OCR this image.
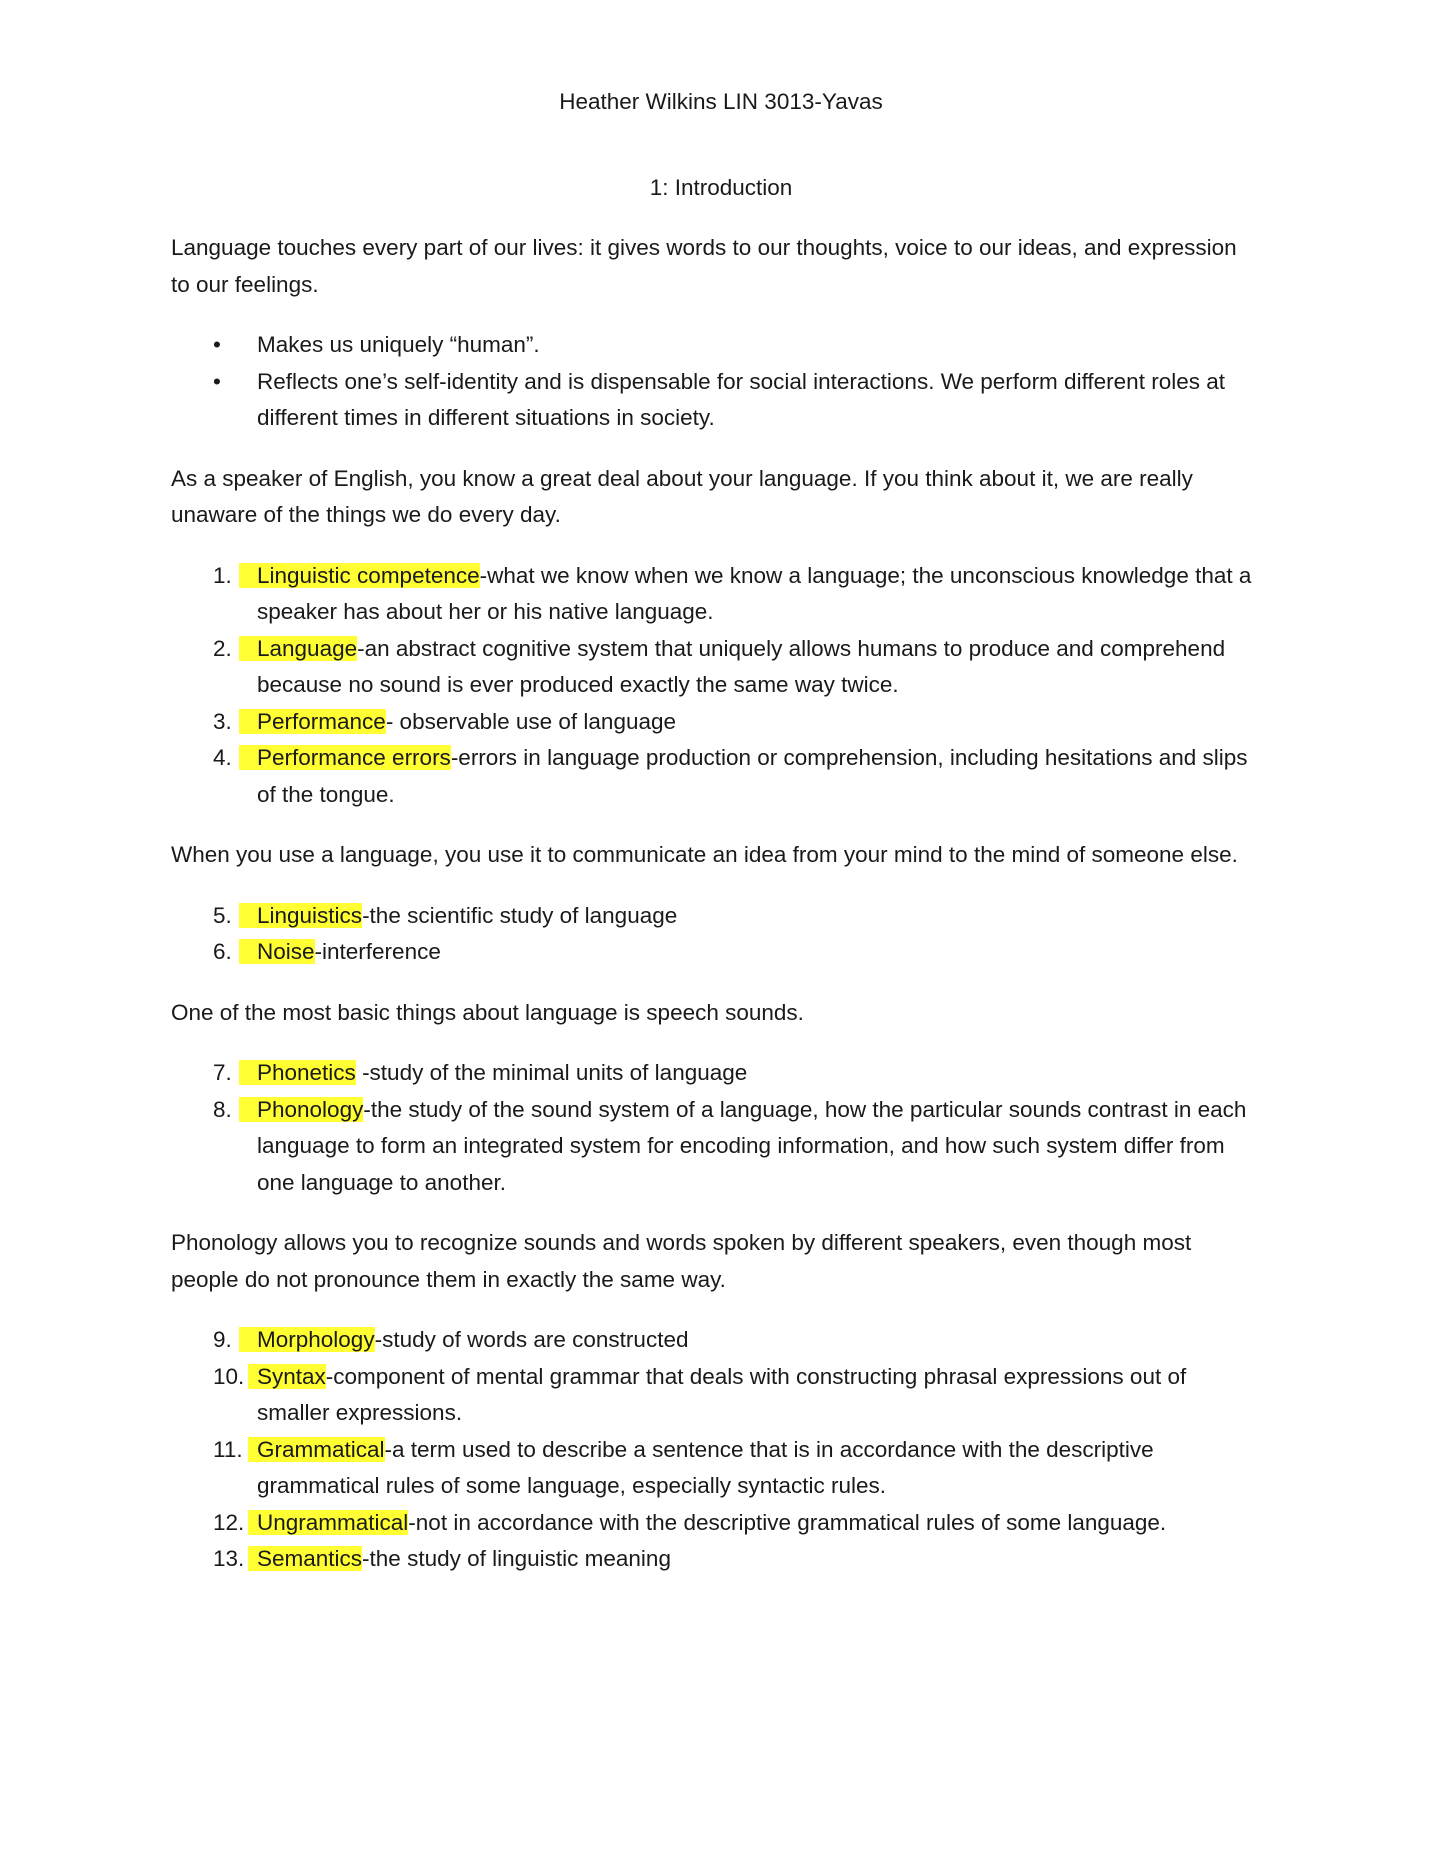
Heather Wilkins LIN 3013-Yavas

1: Introduction

Language touches every part of our lives: it gives words to our thoughts, voice to our ideas, and expression to our feelings.

• Makes us uniquely “human”.
• Reflects one’s self-identity and is dispensable for social interactions. We perform different roles at different times in different situations in society.

As a speaker of English, you know a great deal about your language. If you think about it, we are really unaware of the things we do every day.

1. Linguistic competence-what we know when we know a language; the unconscious knowledge that a speaker has about her or his native language.
2. Language-an abstract cognitive system that uniquely allows humans to produce and comprehend because no sound is ever produced exactly the same way twice.
3. Performance- observable use of language
4. Performance errors-errors in language production or comprehension, including hesitations and slips of the tongue.

When you use a language, you use it to communicate an idea from your mind to the mind of someone else.

5. Linguistics-the scientific study of language
6. Noise-interference

One of the most basic things about language is speech sounds.

7. Phonetics -study of the minimal units of language
8. Phonology-the study of the sound system of a language, how the particular sounds contrast in each language to form an integrated system for encoding information, and how such system differ from one language to another.

Phonology allows you to recognize sounds and words spoken by different speakers, even though most people do not pronounce them in exactly the same way.

9. Morphology-study of words are constructed
10. Syntax-component of mental grammar that deals with constructing phrasal expressions out of smaller expressions.
11. Grammatical-a term used to describe a sentence that is in accordance with the descriptive grammatical rules of some language, especially syntactic rules.
12. Ungrammatical-not in accordance with the descriptive grammatical rules of some language.
13. Semantics-the study of linguistic meaning
